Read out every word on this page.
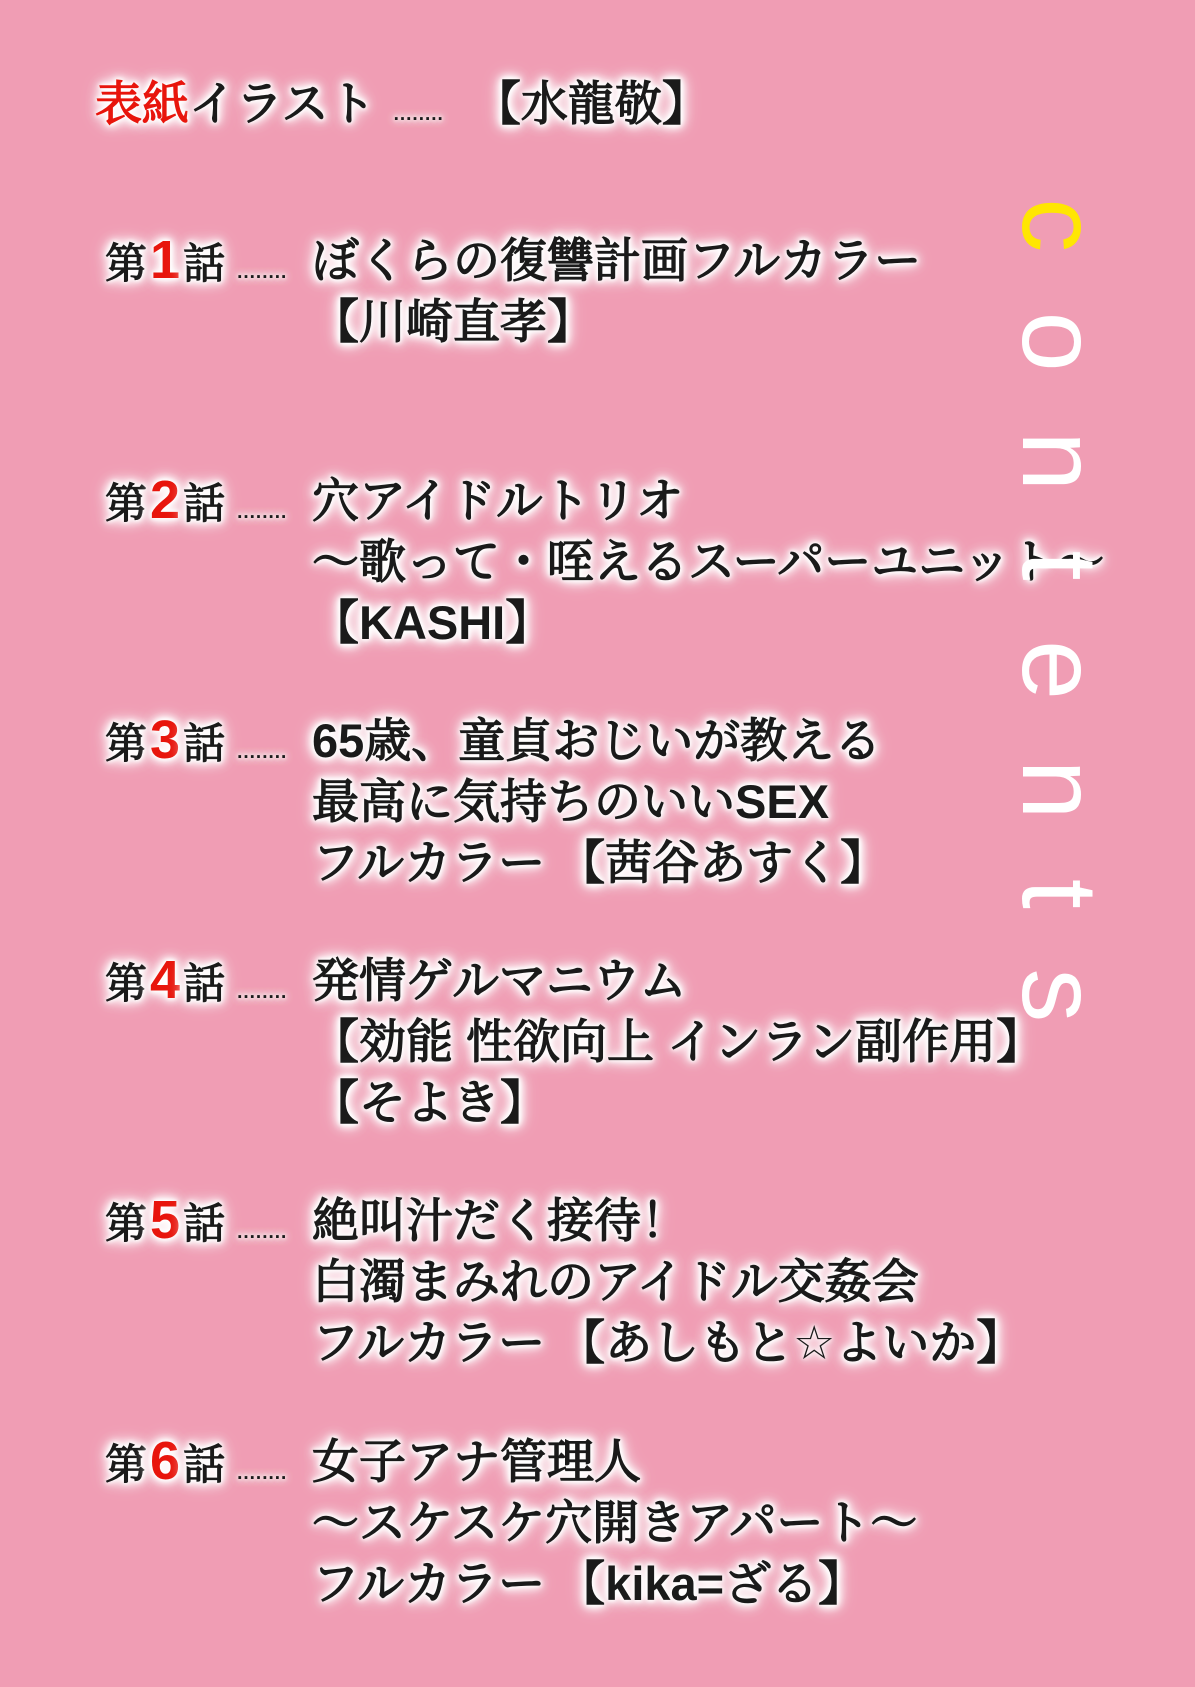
表紙 イラスト ........ 【水龍敬】
第 1 話 ........ ぼくらの復讐計画フルカラー
【川崎直孝】
第 2 話 ........ 穴アイドルトリオ
～歌って・咥えるスーパーユニット～
【KASHI】
第 3 話 ........ 65歳、童貞おじいが教える
最高に気持ちのいいSEX
フルカラー 【茜谷あすく】
第 4 話 ........ 発情ゲルマニウム
【効能 性欲向上 インラン副作用】
【そよき】
第 5 話 ........ 絶叫汁だく接待！
白濁まみれのアイドル交姦会
フルカラー 【あしもと☆よいか】
第 6 話 ........ 女子アナ管理人
～スケスケ穴開きアパート～
フルカラー 【kika=ざる】
contents
